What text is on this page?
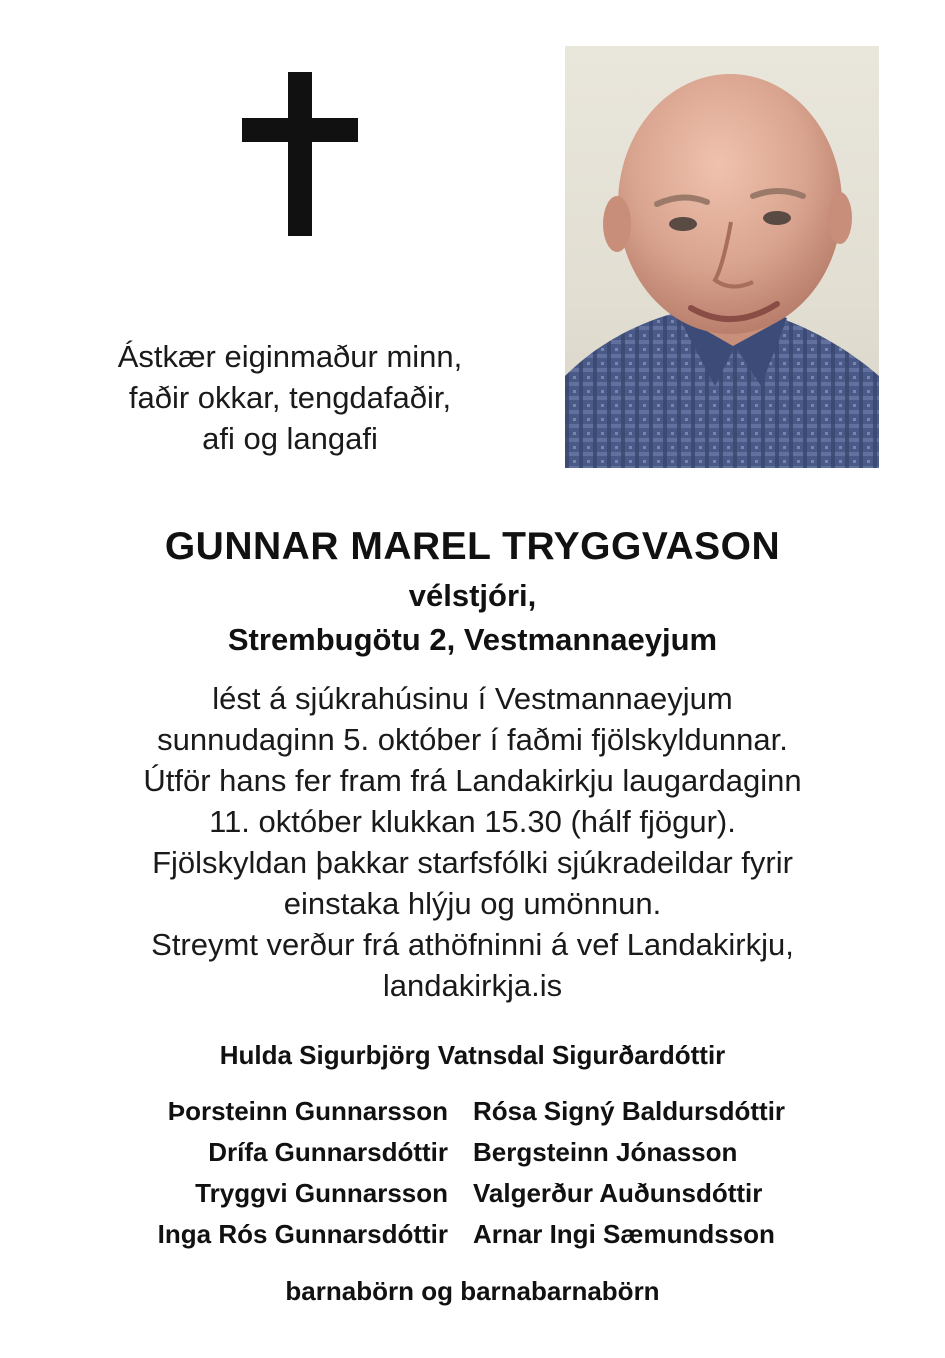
Ástkær eiginmaður minn,
faðir okkar, tengdafaðir,
afi og langafi
GUNNAR MAREL TRYGGVASON
vélstjóri,
Strembugötu 2, Vestmannaeyjum
lést á sjúkrahúsinu í Vestmannaeyjum
sunnudaginn 5. október í faðmi fjölskyldunnar.
Útför hans fer fram frá Landakirkju laugardaginn
11. október klukkan 15.30 (hálf fjögur).
Fjölskyldan þakkar starfsfólki sjúkradeildar fyrir
einstaka hlýju og umönnun.
Streymt verður frá athöfninni á vef Landakirkju,
landakirkja.is
Hulda Sigurbjörg Vatnsdal Sigurðardóttir
Þorsteinn Gunnarsson Rósa Signý Baldursdóttir
Drífa Gunnarsdóttir Bergsteinn Jónasson
Tryggvi Gunnarsson Valgerður Auðunsdóttir
Inga Rós Gunnarsdóttir Arnar Ingi Sæmundsson
barnabörn og barnabarnabörn
